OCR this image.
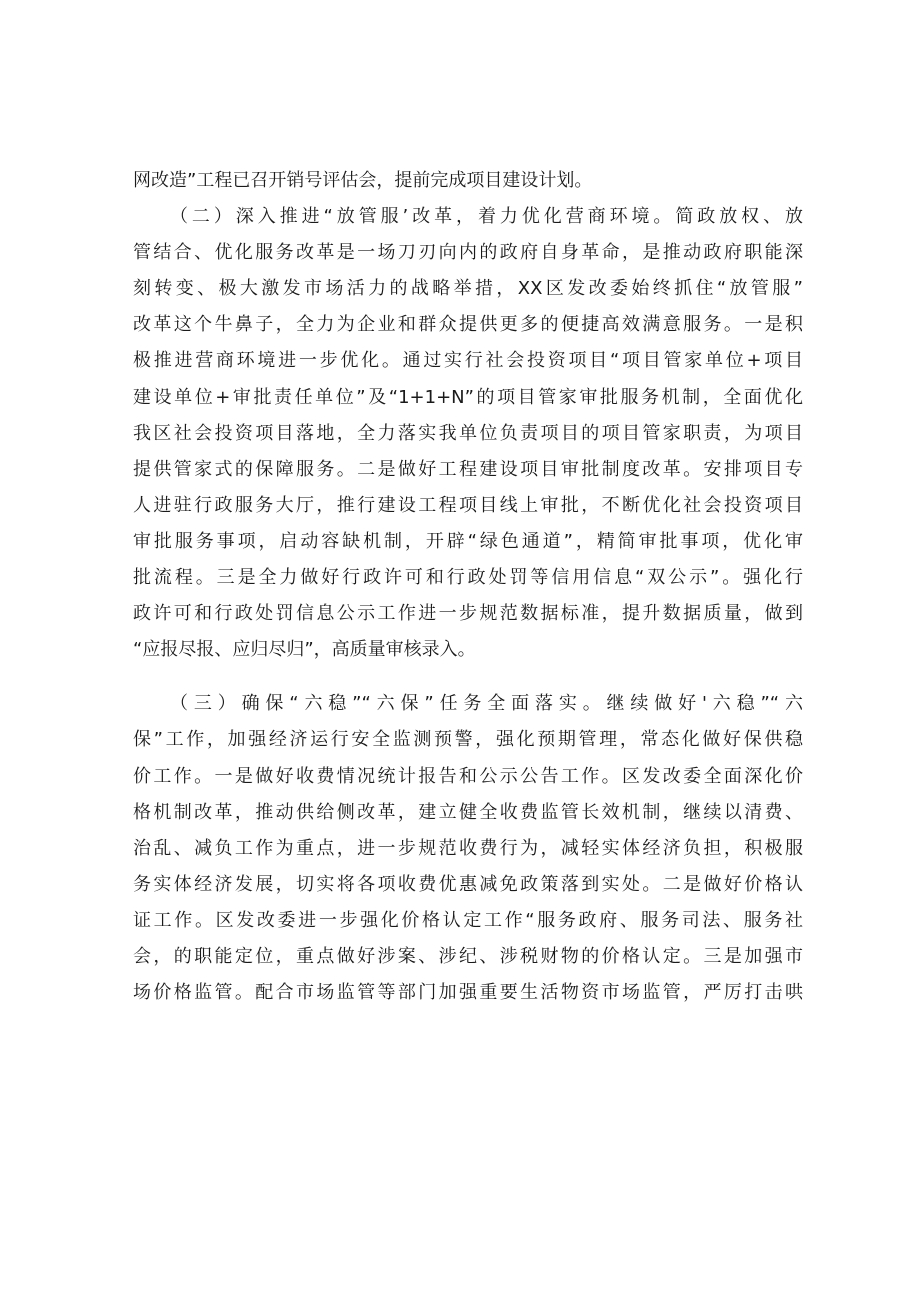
网改造”工程已召开销号评估会，提前完成项目建设计划。
（二）深入推进“放管服’改革，着力优化营商环境。简政放权、放
管结合、优化服务改革是一场刀刃向内的政府自身革命，是推动政府职能深
刻转变、极大激发市场活力的战略举措，XX区发改委始终抓住“放管服”
改革这个牛鼻子，全力为企业和群众提供更多的便捷高效满意服务。一是积
极推进营商环境进一步优化。通过实行社会投资项目“项目管家单位+项目
建设单位+审批责任单位”及“1+1+N”的项目管家审批服务机制，全面优化
我区社会投资项目落地，全力落实我单位负责项目的项目管家职责，为项目
提供管家式的保障服务。二是做好工程建设项目审批制度改革。安排项目专
人进驻行政服务大厅，推行建设工程项目线上审批，不断优化社会投资项目
审批服务事项，启动容缺机制，开辟“绿色通道”，精简审批事项，优化审
批流程。三是全力做好行政许可和行政处罚等信用信息“双公示”。强化行
政许可和行政处罚信息公示工作进一步规范数据标准，提升数据质量，做到
“应报尽报、应归尽归”，高质量审核录入。
（三）确保“六稳”“六保”任务全面落实。继续做好'六稳”“六
保”工作，加强经济运行安全监测预警，强化预期管理，常态化做好保供稳
价工作。一是做好收费情况统计报告和公示公告工作。区发改委全面深化价
格机制改革，推动供给侧改革，建立健全收费监管长效机制，继续以清费、
治乱、减负工作为重点，进一步规范收费行为，减轻实体经济负担，积极服
务实体经济发展，切实将各项收费优惠减免政策落到实处。二是做好价格认
证工作。区发改委进一步强化价格认定工作“服务政府、服务司法、服务社
会，的职能定位，重点做好涉案、涉纪、涉税财物的价格认定。三是加强市
场价格监管。配合市场监管等部门加强重要生活物资市场监管，严厉打击哄
